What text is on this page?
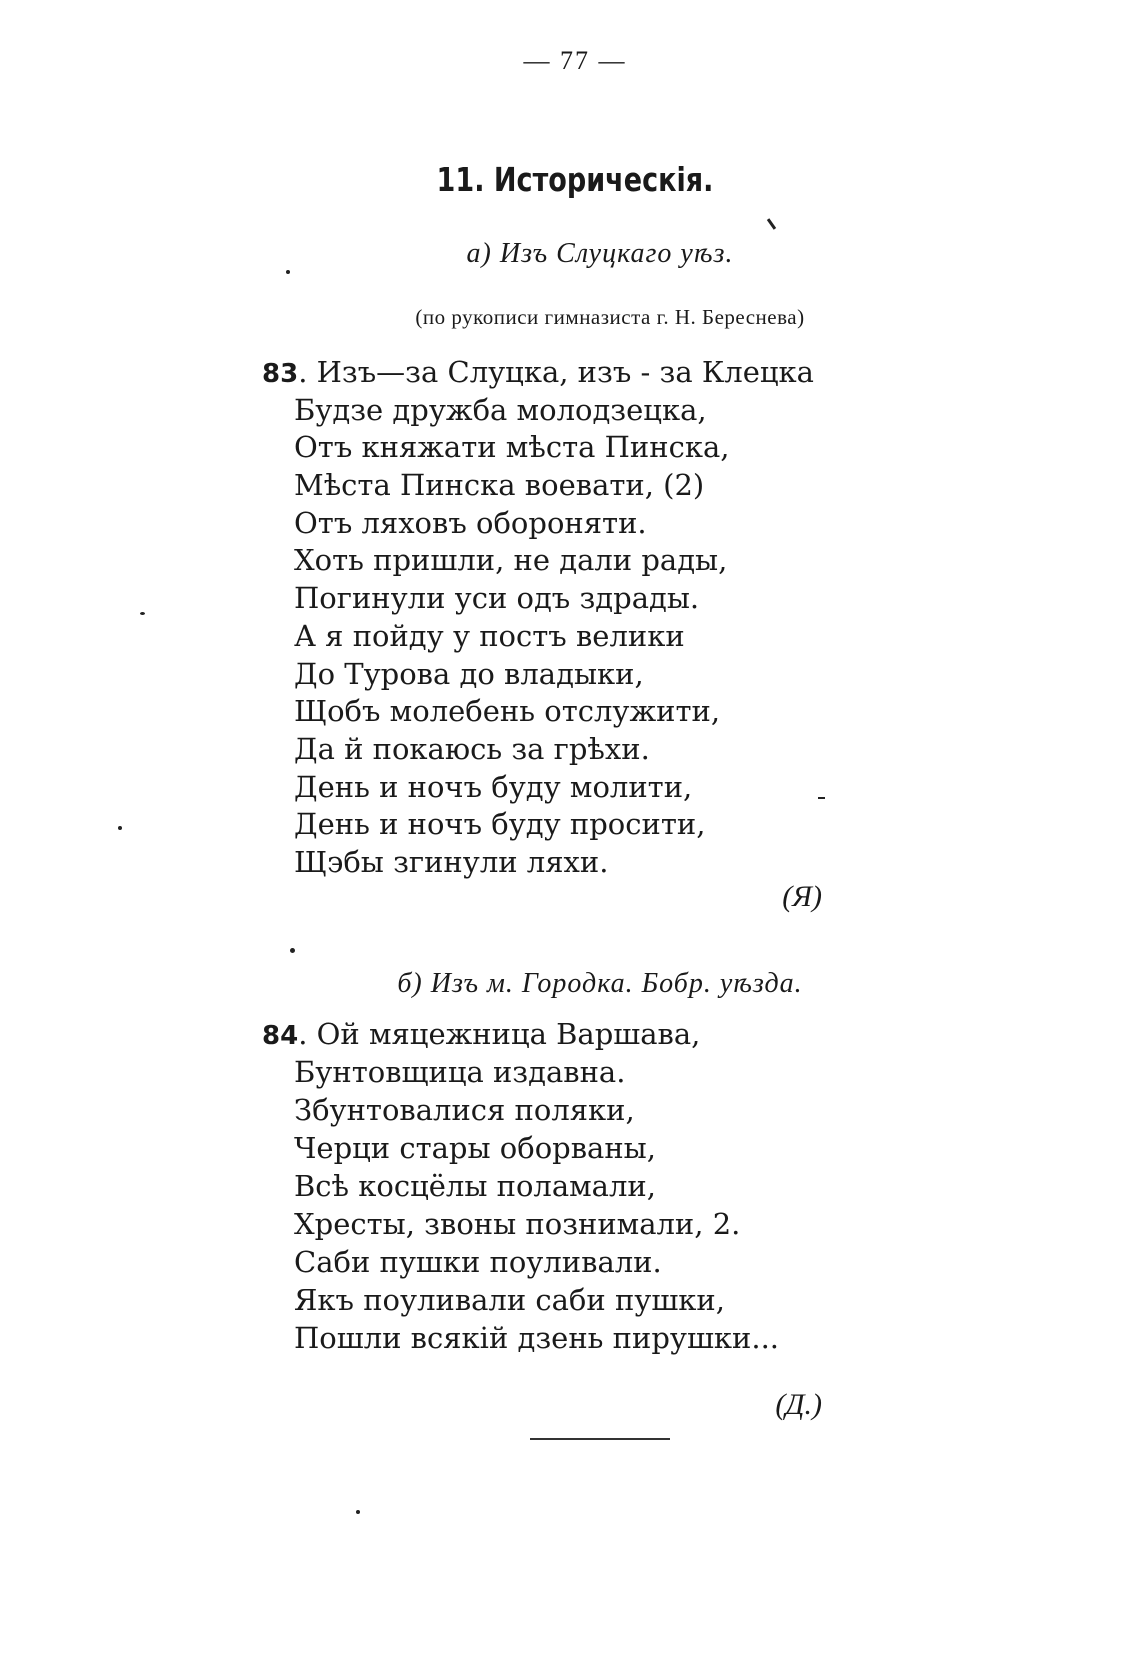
— 77 —
11. Историческія.
а) Изъ Слуцкаго уѣз.
(по рукописи гимназиста г. Н. Береснева)
83. Изъ—за Слуцка, изъ - за Клецка
Будзе дружба молодзецка,
Отъ княжати мѣста Пинска,
Мѣста Пинска воевати, (2)
Отъ ляховъ обороняти.
Хоть пришли, не дали рады,
Погинули уси одъ здрады.
А я пойду у постъ велики
До Турова до владыки,
Щобъ молебень отслужити,
Да й покаюсь за грѣхи.
День и ночъ буду молити,
День и ночъ буду просити,
Щэбы згинули ляхи.
(Я)
б) Изъ м. Городка. Бобр. уѣзда.
84. Ой мяцежница Варшава,
Бунтовщица издавна.
Збунтовалися поляки,
Черци стары оборваны,
Всѣ косцёлы поламали,
Хресты, звоны познимали, 2.
Саби пушки поуливали.
Якъ поуливали саби пушки,
Пошли всякій дзень пирушки...
(Д.)
